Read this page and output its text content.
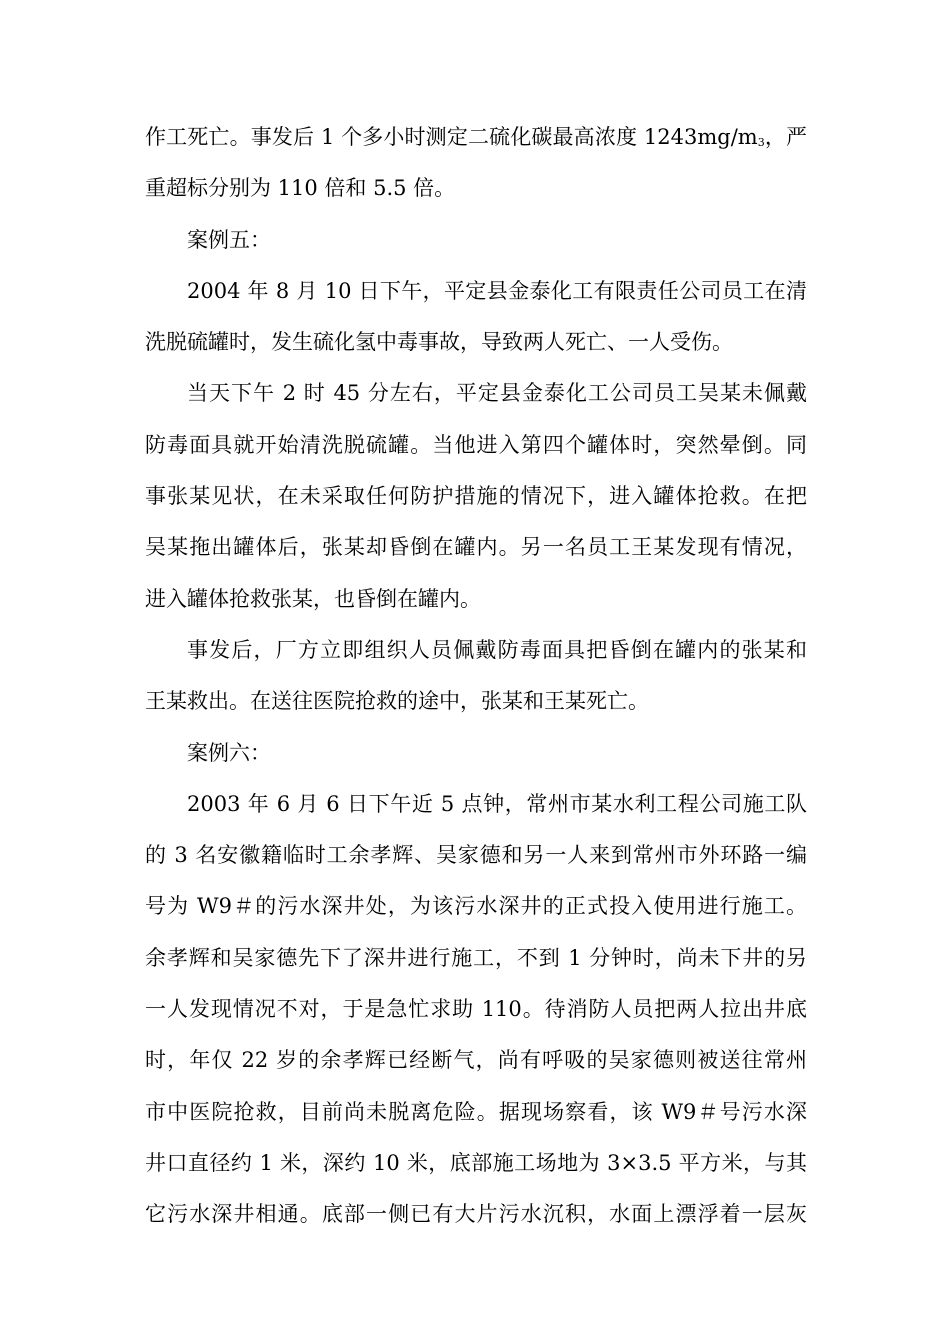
作工死亡。事发后 1 个多小时测定二硫化碳最高浓度 $1243mg/m_3$，严
重超标分别为 110 倍和 5.5 倍。
案例五：
2004 年 8 月 10 日下午，平定县金泰化工有限责任公司员工在清
洗脱硫罐时，发生硫化氢中毒事故，导致两人死亡、一人受伤。
当天下午 2 时 45 分左右，平定县金泰化工公司员工吴某未佩戴
防毒面具就开始清洗脱硫罐。当他进入第四个罐体时，突然晕倒。同
事张某见状，在未采取任何防护措施的情况下，进入罐体抢救。在把
吴某拖出罐体后，张某却昏倒在罐内。另一名员工王某发现有情况，
进入罐体抢救张某，也昏倒在罐内。
事发后，厂方立即组织人员佩戴防毒面具把昏倒在罐内的张某和
王某救出。在送往医院抢救的途中，张某和王某死亡。
案例六：
2003 年 6 月 6 日下午近 5 点钟，常州市某水利工程公司施工队
的 3 名安徽籍临时工余孝辉、吴家德和另一人来到常州市外环路一编
号为 W9＃的污水深井处，为该污水深井的正式投入使用进行施工。
余孝辉和吴家德先下了深井进行施工，不到 1 分钟时，尚未下井的另
一人发现情况不对，于是急忙求助 110。待消防人员把两人拉出井底
时，年仅 22 岁的余孝辉已经断气，尚有呼吸的吴家德则被送往常州
市中医院抢救，目前尚未脱离危险。据现场察看，该 W9＃号污水深
井口直径约 1 米，深约 10 米，底部施工场地为 3×3.5 平方米，与其
它污水深井相通。底部一侧已有大片污水沉积，水面上漂浮着一层灰
